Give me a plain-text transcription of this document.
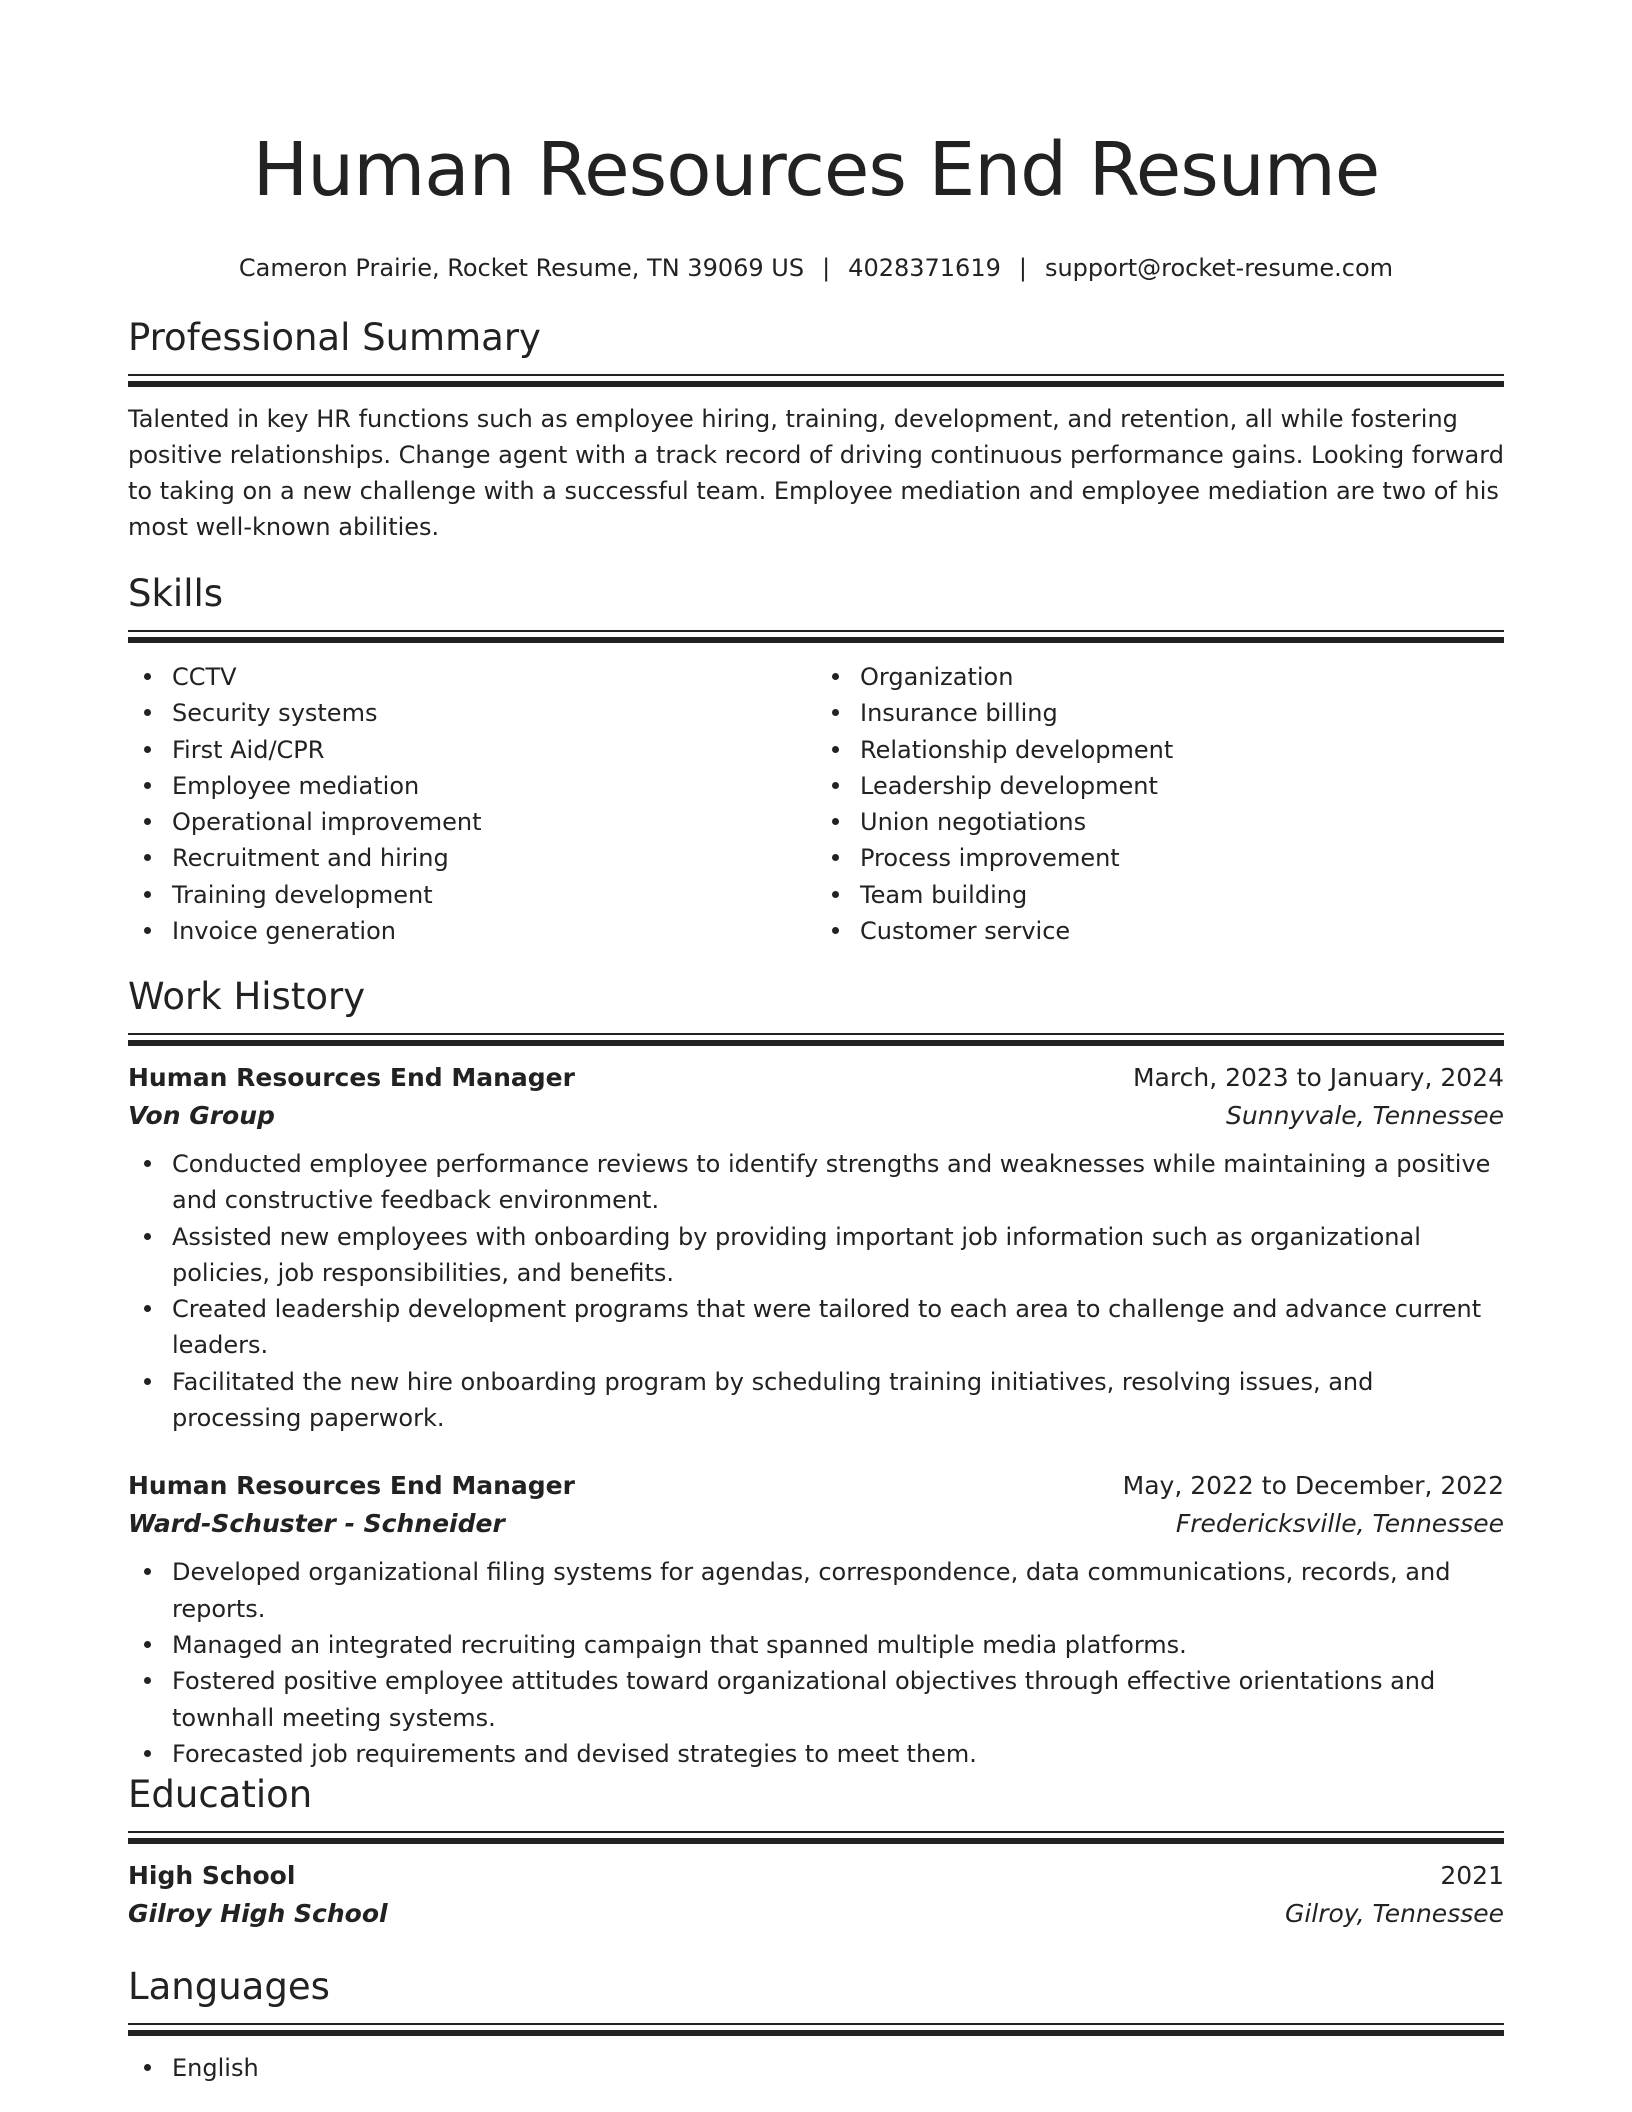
Human Resources End Resume
Cameron Prairie, Rocket Resume, TN 39069 US | 4028371619 | support@rocket-resume.com
Professional Summary
Talented in key HR functions such as employee hiring, training, development, and retention, all while fostering positive relationships. Change agent with a track record of driving continuous performance gains. Looking forward to taking on a new challenge with a successful team. Employee mediation and employee mediation are two of his most well-known abilities.
Skills
CCTV
Security systems
First Aid/CPR
Employee mediation
Operational improvement
Recruitment and hiring
Training development
Invoice generation
Organization
Insurance billing
Relationship development
Leadership development
Union negotiations
Process improvement
Team building
Customer service
Work History
Human Resources End Manager	March, 2023 to January, 2024
Von Group	Sunnyvale, Tennessee
Conducted employee performance reviews to identify strengths and weaknesses while maintaining a positive and constructive feedback environment.
Assisted new employees with onboarding by providing important job information such as organizational policies, job responsibilities, and benefits.
Created leadership development programs that were tailored to each area to challenge and advance current leaders.
Facilitated the new hire onboarding program by scheduling training initiatives, resolving issues, and processing paperwork.
Human Resources End Manager	May, 2022 to December, 2022
Ward-Schuster - Schneider	Fredericksville, Tennessee
Developed organizational filing systems for agendas, correspondence, data communications, records, and reports.
Managed an integrated recruiting campaign that spanned multiple media platforms.
Fostered positive employee attitudes toward organizational objectives through effective orientations and townhall meeting systems.
Forecasted job requirements and devised strategies to meet them.
Education
High School	2021
Gilroy High School	Gilroy, Tennessee
Languages
English
